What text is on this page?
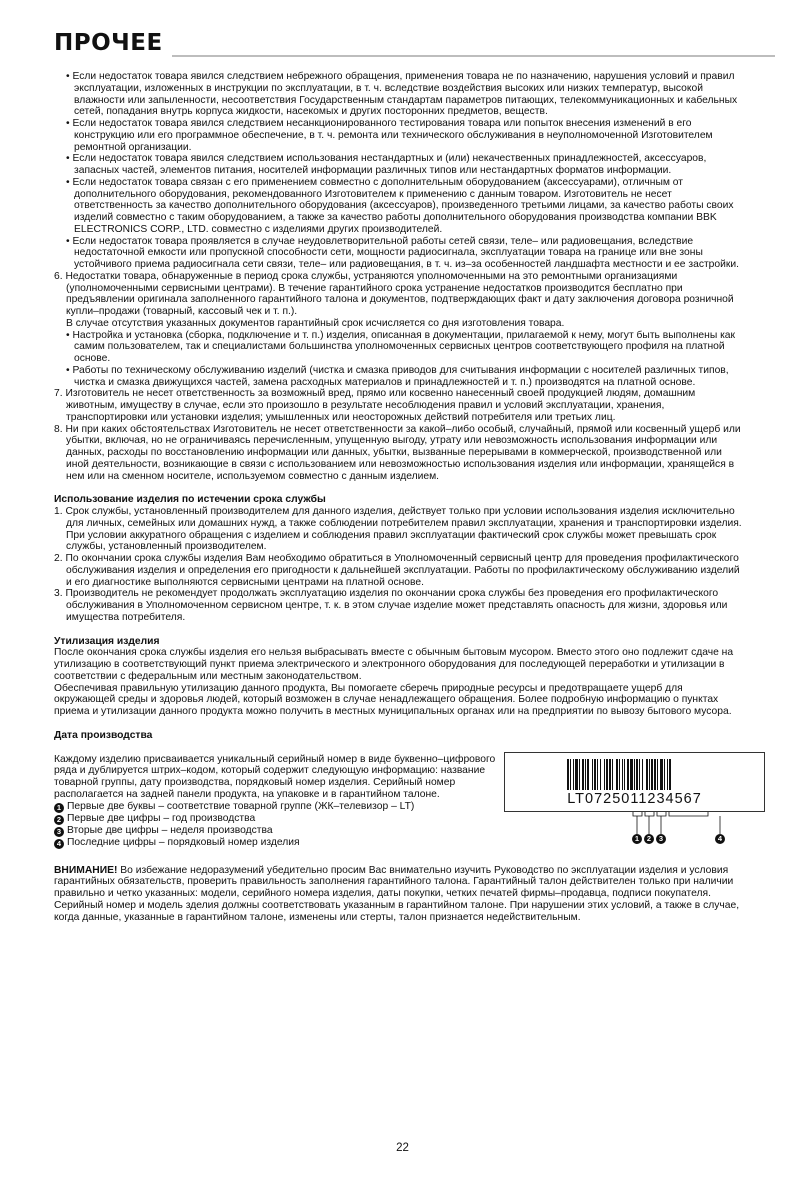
ПРОЧЕЕ
• Если недостаток товара явился следствием небрежного обращения, применения товара не по назначению, нарушения условий и правил эксплуатации, изложенных в инструкции по эксплуатации, в т. ч. вследствие воздействия высоких или низких температур, высокой влажности или запыленности, несоответствия Государственным стандартам параметров питающих, телекоммуникационных и кабельных сетей, попадания внутрь корпуса жидкости, насекомых и других посторонних предметов, веществ.
• Если недостаток товара явился следствием несанкционированного тестирования товара или попыток внесения изменений в его конструкцию или его программное обеспечение, в т. ч. ремонта или технического обслуживания в неуполномоченной Изготовителем ремонтной организации.
• Если недостаток товара явился следствием использования нестандартных и (или) некачественных принадлежностей, аксессуаров, запасных частей, элементов питания, носителей информации различных типов или нестандартных форматов информации.
• Если недостаток товара связан с его применением совместно с дополнительным оборудованием (аксессуарами), отличным от дополнительного оборудования, рекомендованного Изготовителем к применению с данным товаром. Изготовитель не несет ответственность за качество дополнительного оборудования (аксессуаров), произведенного третьими лицами, за качество работы своих изделий совместно с таким оборудованием, а также за качество работы дополнительного оборудования производства компании BBK ELECTRONICS CORP., LTD. совместно с изделиями других производителей.
• Если недостаток товара проявляется в случае неудовлетворительной работы сетей связи, теле– или радиовещания, вследствие недостаточной емкости или пропускной способности сети, мощности радиосигнала, эксплуатации товара на границе или вне зоны устойчивого приема радиосигнала сети связи, теле– или радиовещания, в т. ч. из–за особенностей ландшафта местности и ее застройки.
6. Недостатки товара, обнаруженные в период срока службы, устраняются уполномоченными на это ремонтными организациями (уполномоченными сервисными центрами). В течение гарантийного срока устранение недостатков производится бесплатно при предъявлении оригинала заполненного гарантийного талона и документов, подтверждающих факт и дату заключения договора розничной купли–продажи (товарный, кассовый чек и т. п.).
В случае отсутствия указанных документов гарантийный срок исчисляется со дня изготовления товара.
• Настройка и установка (сборка, подключение и т. п.) изделия, описанная в документации, прилагаемой к нему, могут быть выполнены как самим пользователем, так и специалистами большинства уполномоченных сервисных центров соответствующего профиля на платной основе.
• Работы по техническому обслуживанию изделий (чистка и смазка приводов для считывания информации с носителей различных типов, чистка и смазка движущихся частей, замена расходных материалов и принадлежностей и т. п.) производятся на платной основе.
7. Изготовитель не несет ответственность за возможный вред, прямо или косвенно нанесенный своей продукцией людям, домашним животным, имуществу в случае, если это произошло в результате несоблюдения правил и условий эксплуатации, хранения, транспортировки или установки изделия; умышленных или неосторожных действий потребителя или третьих лиц.
8. Ни при каких обстоятельствах Изготовитель не несет ответственности за какой–либо особый, случайный, прямой или косвенный ущерб или убытки, включая, но не ограничиваясь перечисленным, упущенную выгоду, утрату или невозможность использования информации или данных, расходы по восстановлению информации или данных, убытки, вызванные перерывами в коммерческой, производственной или иной деятельности, возникающие в связи с использованием или невозможностью использования изделия или информации, хранящейся в нем или на сменном носителе, используемом совместно с данным изделием.
Использование изделия по истечении срока службы
1. Срок службы, установленный производителем для данного изделия, действует только при условии использования изделия исключительно для личных, семейных или домашних нужд, а также соблюдении потребителем правил эксплуатации, хранения и транспортировки изделия. При условии аккуратного обращения с изделием и соблюдения правил эксплуатации фактический срок службы может превышать срок службы, установленный производителем.
2. По окончании срока службы изделия Вам необходимо обратиться в Уполномоченный сервисный центр для проведения профилактического обслуживания изделия и определения его пригодности к дальнейшей эксплуатации. Работы по профилактическому обслуживанию изделий и его диагностике выполняются сервисными центрами на платной основе.
3. Производитель не рекомендует продолжать эксплуатацию изделия по окончании срока службы без проведения его профилактического обслуживания в Уполномоченном сервисном центре, т. к. в этом случае изделие может представлять опасность для жизни, здоровья или имущества потребителя.
Утилизация изделия
После окончания срока службы изделия его нельзя выбрасывать вместе с обычным бытовым мусором. Вместо этого оно подлежит сдаче на утилизацию в соответствующий пункт приема электрического и электронного оборудования для последующей переработки и утилизации в соответствии с федеральным или местным законодательством.
Обеспечивая правильную утилизацию данного продукта, Вы помогаете сберечь природные ресурсы и предотвращаете ущерб для окружающей среды и здоровья людей, который возможен в случае ненадлежащего обращения. Более подробную информацию о пунктах приема и утилизации данного продукта можно получить в местных муниципальных органах или на предприятии по вывозу бытового мусора.
Дата производства
Каждому изделию присваивается уникальный серийный номер в виде буквенно–цифрового ряда и дублируется штрих–кодом, который содержит следующую информацию: название товарной группы, дату производства, порядковый номер изделия. Серийный номер располагается на задней панели продукта, на упаковке и в гарантийном талоне.
1 Первые две буквы – соответствие товарной группе (ЖК–телевизор – LT)
2 Первые две цифры – год производства
3 Вторые две цифры – неделя производства
4 Последние цифры – порядковый номер изделия
LT0725011234567
1	2	3	4
ВНИМАНИЕ! Во избежание недоразумений убедительно просим Вас внимательно изучить Руководство по эксплуатации изделия и условия гарантийных обязательств, проверить правильность заполнения гарантийного талона. Гарантийный талон действителен только при наличии правильно и четко указанных: модели, серийного номера изделия, даты покупки, четких печатей фирмы–продавца, подписи покупателя. Серийный номер и модель зделия должны соответствовать указанным в гарантийном талоне. При нарушении этих условий, а также в случае, когда данные, указанные в гарантийном талоне, изменены или стерты, талон признается недействительным.
22
